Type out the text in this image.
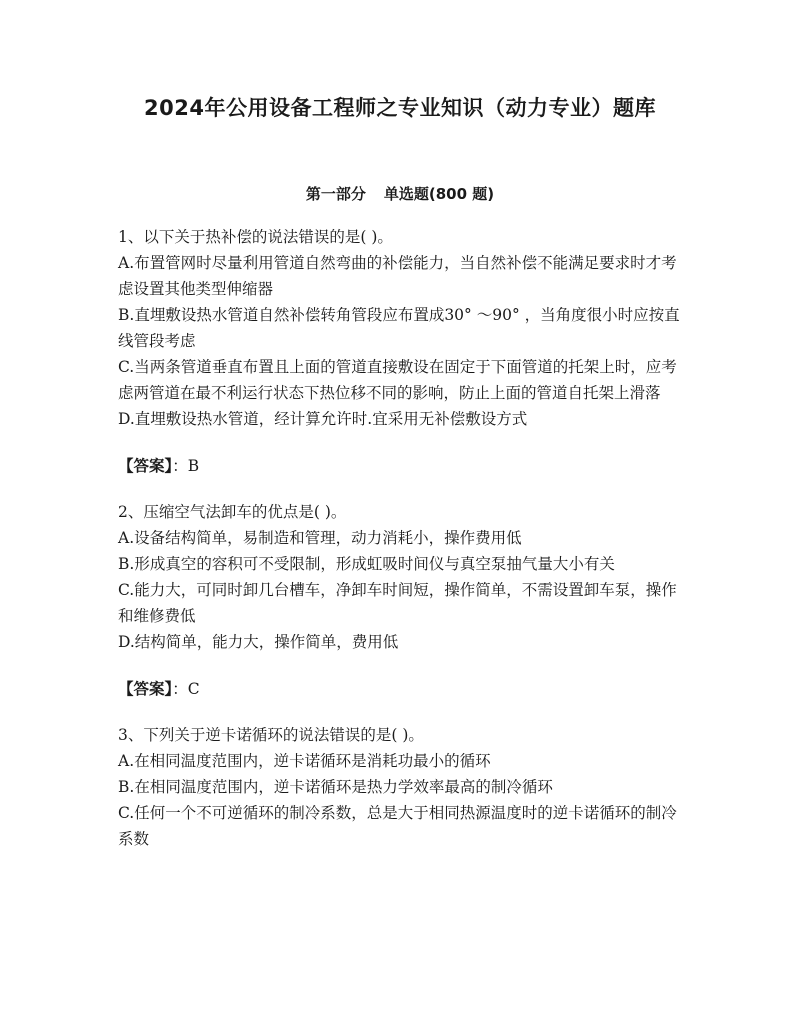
2024年公用设备工程师之专业知识（动力专业）题库
第一部分 单选题(800 题)

1、以下关于热补偿的说法错误的是( )。

A.布置管网时尽量利用管道自然弯曲的补偿能力，当自然补偿不能满足要求时才考虑设置其他类型伸缩器

B.直埋敷设热水管道自然补偿转角管段应布置成30° ～90° ，当角度很小时应按直线管段考虑

C.当两条管道垂直布置且上面的管道直接敷设在固定于下面管道的托架上时，应考虑两管道在最不利运行状态下热位移不同的影响，防止上面的管道自托架上滑落

D.直埋敷设热水管道，经计算允许时.宜采用无补偿敷设方式

【答案】：B

2、压缩空气法卸车的优点是( )。

A.设备结构简单，易制造和管理，动力消耗小，操作费用低

B.形成真空的容积可不受限制，形成虹吸时间仪与真空泵抽气量大小有关

C.能力大，可同时卸几台槽车，净卸车时间短，操作简单，不需设置卸车泵，操作和维修费低

D.结构简单，能力大，操作简单，费用低

【答案】：C

3、下列关于逆卡诺循环的说法错误的是( )。

A.在相同温度范围内，逆卡诺循环是消耗功最小的循环

B.在相同温度范围内，逆卡诺循环是热力学效率最高的制冷循环

C.任何一个不可逆循环的制冷系数，总是大于相同热源温度时的逆卡诺循环的制冷系数
